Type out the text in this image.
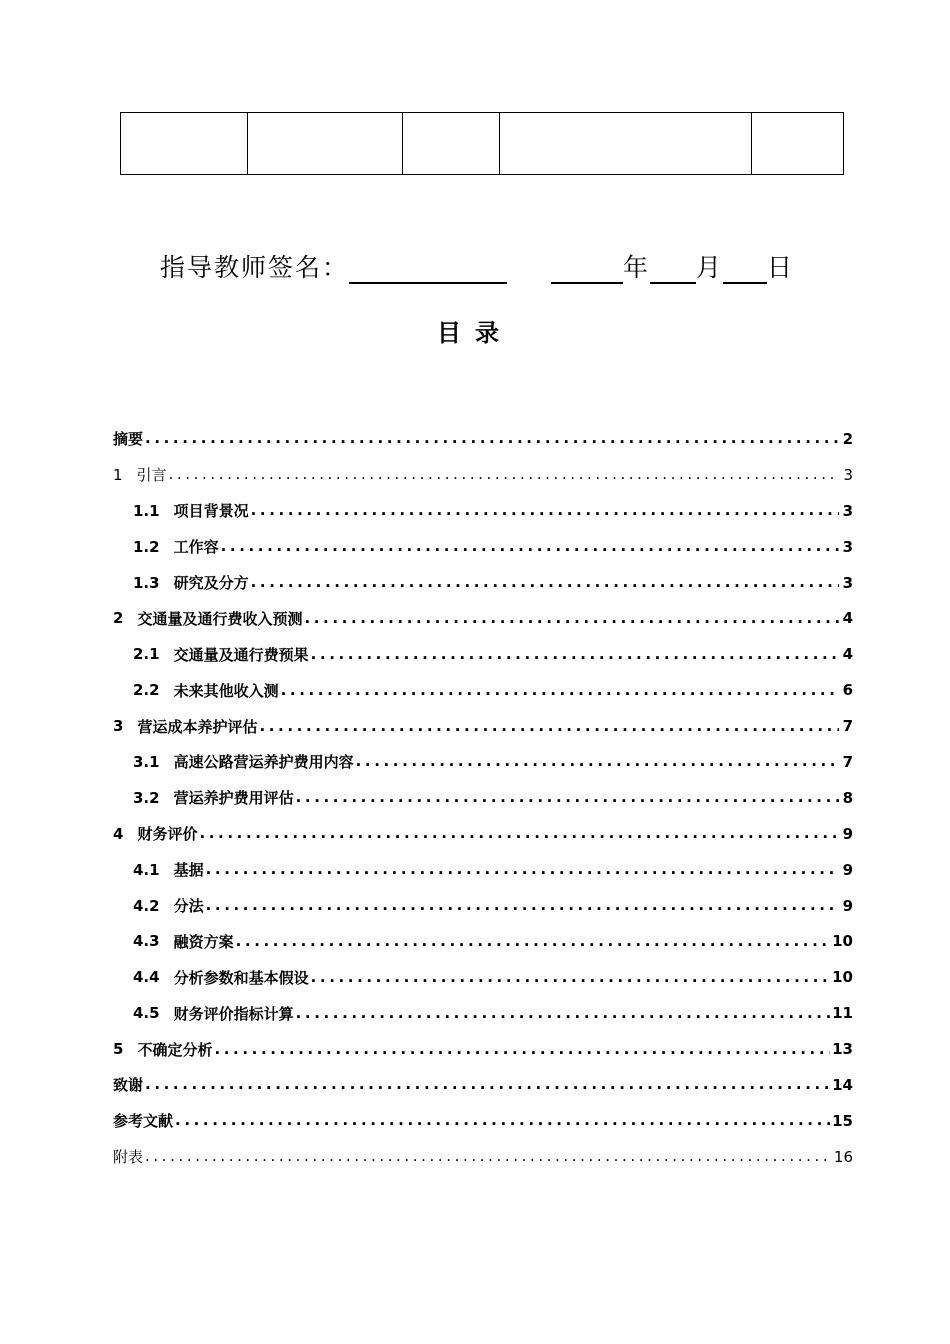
指导教师签名：	年 月 日
目录
摘要 .....	2
1 引言 .....	3
1.1 项目背景况 .....	3
1.2 工作容 .....	3
1.3 研究及分方 .....	3
2 交通量及通行费收入预测 .....	4
2.1 交通量及通行费预果 .....	4
2.2 未来其他收入测 .....	6
3 营运成本养护评估 .....	7
3.1 高速公路营运养护费用内容 .....	7
3.2 营运养护费用评估 .....	8
4 财务评价 .....	9
4.1 基据 .....	9
4.2 分法 .....	9
4.3 融资方案 .....	10
4.4 分析参数和基本假设 .....	10
4.5 财务评价指标计算 .....	11
5 不确定分析 .....	13
致谢 .....	14
参考文献 .....	15
附表 .....	16
